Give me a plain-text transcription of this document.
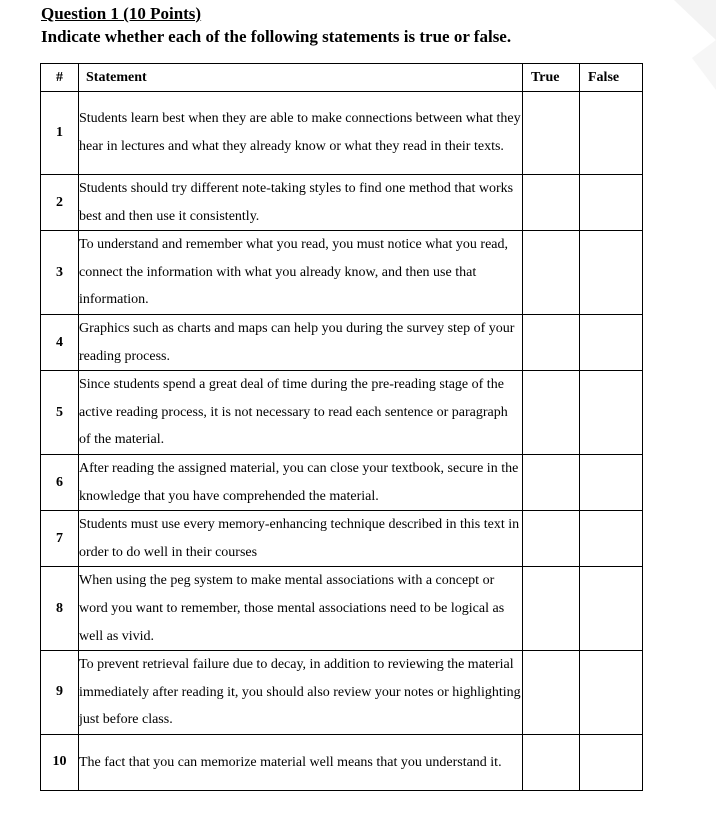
Question 1 (10 Points)
Indicate whether each of the following statements is true or false.
#	Statement	True	False
1	Students learn best when they are able to make connections between what they hear in lectures and what they already know or what they read in their texts.		
2	Students should try different note-taking styles to find one method that works best and then use it consistently.		
3	To understand and remember what you read, you must notice what you read, connect the information with what you already know, and then use that information.		
4	Graphics such as charts and maps can help you during the survey step of your reading process.		
5	Since students spend a great deal of time during the pre-reading stage of the active reading process, it is not necessary to read each sentence or paragraph of the material.		
6	After reading the assigned material, you can close your textbook, secure in the knowledge that you have comprehended the material.		
7	Students must use every memory-enhancing technique described in this text in order to do well in their courses		
8	When using the peg system to make mental associations with a concept or word you want to remember, those mental associations need to be logical as well as vivid.		
9	To prevent retrieval failure due to decay, in addition to reviewing the material immediately after reading it, you should also review your notes or highlighting just before class.		
10	The fact that you can memorize material well means that you understand it.		
